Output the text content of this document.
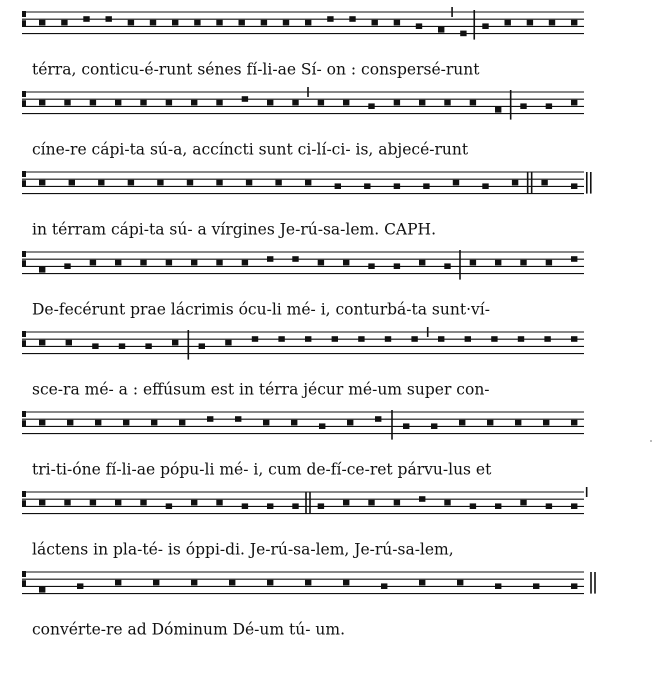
térra, conticu-é-runt sénes fí-li-ae Sí- on : conspersé-runt
cíne-re cápi-ta sú-a, accíncti sunt ci-lí-ci- is, abjecé-runt
in térram cápi-ta sú- a vírgines Je-rú-sa-lem. CAPH.
De-fecérunt prae lácrimis ócu-li mé- i, conturbá-ta sunt·ví-
sce-ra mé- a : effúsum est in térra jécur mé-um super con-
tri-ti-óne fí-li-ae pópu-li mé- i, cum de-fí-ce-ret párvu-lus et
láctens in pla-té- is óppi-di. Je-rú-sa-lem, Je-rú-sa-lem,
convérte-re ad Dóminum Dé-um tú- um.
